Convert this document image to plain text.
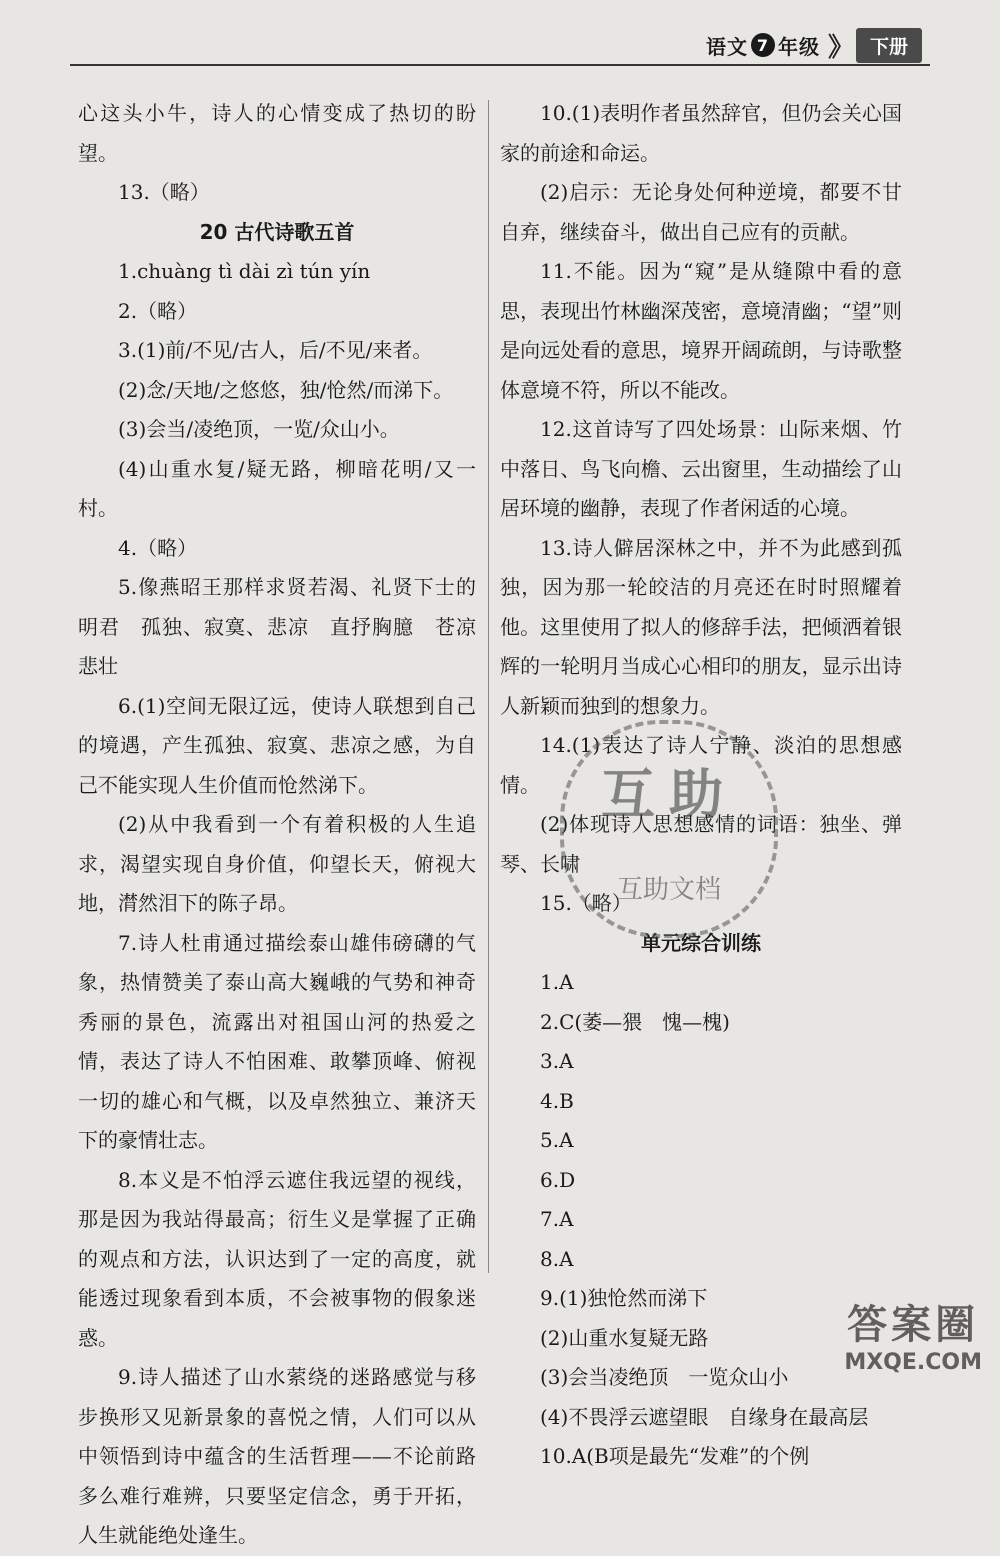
语文 7 年级 》	下册

心这头小牛，诗人的心情变成了热切的盼望。

13.（略）

20 古代诗歌五首

1.chuàng tì dài zì tún yín

2.（略）

3.(1)前/不见/古人，后/不见/来者。

(2)念/天地/之悠悠，独/怆然/而涕下。

(3)会当/凌绝顶，一览/众山小。

(4)山重水复/疑无路，柳暗花明/又一村。

4.（略）

5.像燕昭王那样求贤若渴、礼贤下士的明君　孤独、寂寞、悲凉　直抒胸臆　苍凉悲壮

6.(1)空间无限辽远，使诗人联想到自己的境遇，产生孤独、寂寞、悲凉之感，为自己不能实现人生价值而怆然涕下。

(2)从中我看到一个有着积极的人生追求，渴望实现自身价值，仰望长天，俯视大地，潸然泪下的陈子昂。

7.诗人杜甫通过描绘泰山雄伟磅礴的气象，热情赞美了泰山高大巍峨的气势和神奇秀丽的景色，流露出对祖国山河的热爱之情，表达了诗人不怕困难、敢攀顶峰、俯视一切的雄心和气概，以及卓然独立、兼济天下的豪情壮志。

8.本义是不怕浮云遮住我远望的视线，那是因为我站得最高；衍生义是掌握了正确的观点和方法，认识达到了一定的高度，就能透过现象看到本质，不会被事物的假象迷惑。

9.诗人描述了山水萦绕的迷路感觉与移步换形又见新景象的喜悦之情，人们可以从中领悟到诗中蕴含的生活哲理——不论前路多么难行难辨，只要坚定信念，勇于开拓，人生就能绝处逢生。

10.(1)表明作者虽然辞官，但仍会关心国家的前途和命运。

(2)启示：无论身处何种逆境，都要不甘自弃，继续奋斗，做出自己应有的贡献。

11.不能。因为“窥”是从缝隙中看的意思，表现出竹林幽深茂密，意境清幽；“望”则是向远处看的意思，境界开阔疏朗，与诗歌整体意境不符，所以不能改。

12.这首诗写了四处场景：山际来烟、竹中落日、鸟飞向檐、云出窗里，生动描绘了山居环境的幽静，表现了作者闲适的心境。

13.诗人僻居深林之中，并不为此感到孤独，因为那一轮皎洁的月亮还在时时照耀着他。这里使用了拟人的修辞手法，把倾洒着银辉的一轮明月当成心心相印的朋友，显示出诗人新颖而独到的想象力。

14.(1)表达了诗人宁静、淡泊的思想感情。

(2)体现诗人思想感情的词语：独坐、弹琴、长啸

15.（略）

单元综合训练

1.A

2.C(萎—猥　愧—槐)

3.A

4.B

5.A

6.D

7.A

8.A

9.(1)独怆然而涕下

(2)山重水复疑无路

(3)会当凌绝顶　一览众山小

(4)不畏浮云遮望眼　自缘身在最高层

10.A(B项是最先“发难”的个例

互助
互助文档
答案圈
MXQE.COM
